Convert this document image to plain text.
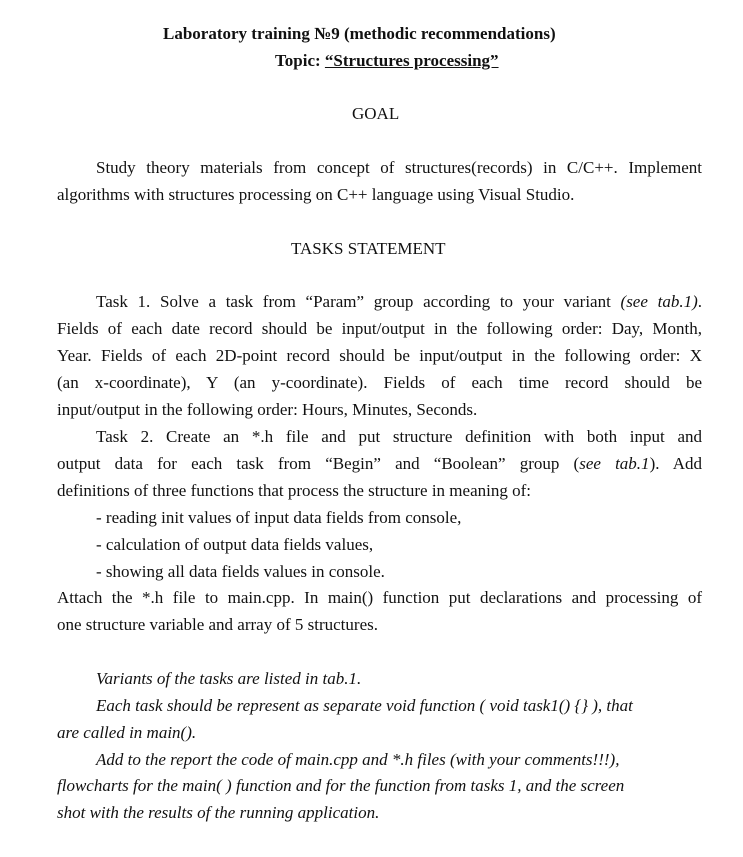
Laboratory training №9 (methodic recommendations)
Topic: “Structures processing”
GOAL
Study theory materials from concept of structures(records) in C/C++. Implement
algorithms with structures processing on C++ language using Visual Studio.
TASKS STATEMENT
Task 1. Solve a task from “Param” group according to your variant (see tab.1).
Fields of each date record should be input/output in the following order: Day, Month,
Year. Fields of each 2D-point record should be input/output in the following order: X
(an x-coordinate), Y (an y-coordinate). Fields of each time record should be
input/output in the following order: Hours, Minutes, Seconds.
Task 2. Create an *.h file and put structure definition with both input and
output data for each task from “Begin” and “Boolean” group (see tab.1). Add
definitions of three functions that process the structure in meaning of:
- reading init values of input data fields from console,
- calculation of output data fields values,
- showing all data fields values in console.
Attach the *.h file to main.cpp. In main() function put declarations and processing of
one structure variable and array of 5 structures.
Variants of the tasks are listed in tab.1.
Each task should be represent as separate void function ( void task1() {} ), that
are called in main().
Add to the report the code of main.cpp and *.h files (with your comments!!!),
flowcharts for the main( ) function and for the function from tasks 1, and the screen
shot with the results of the running application.
